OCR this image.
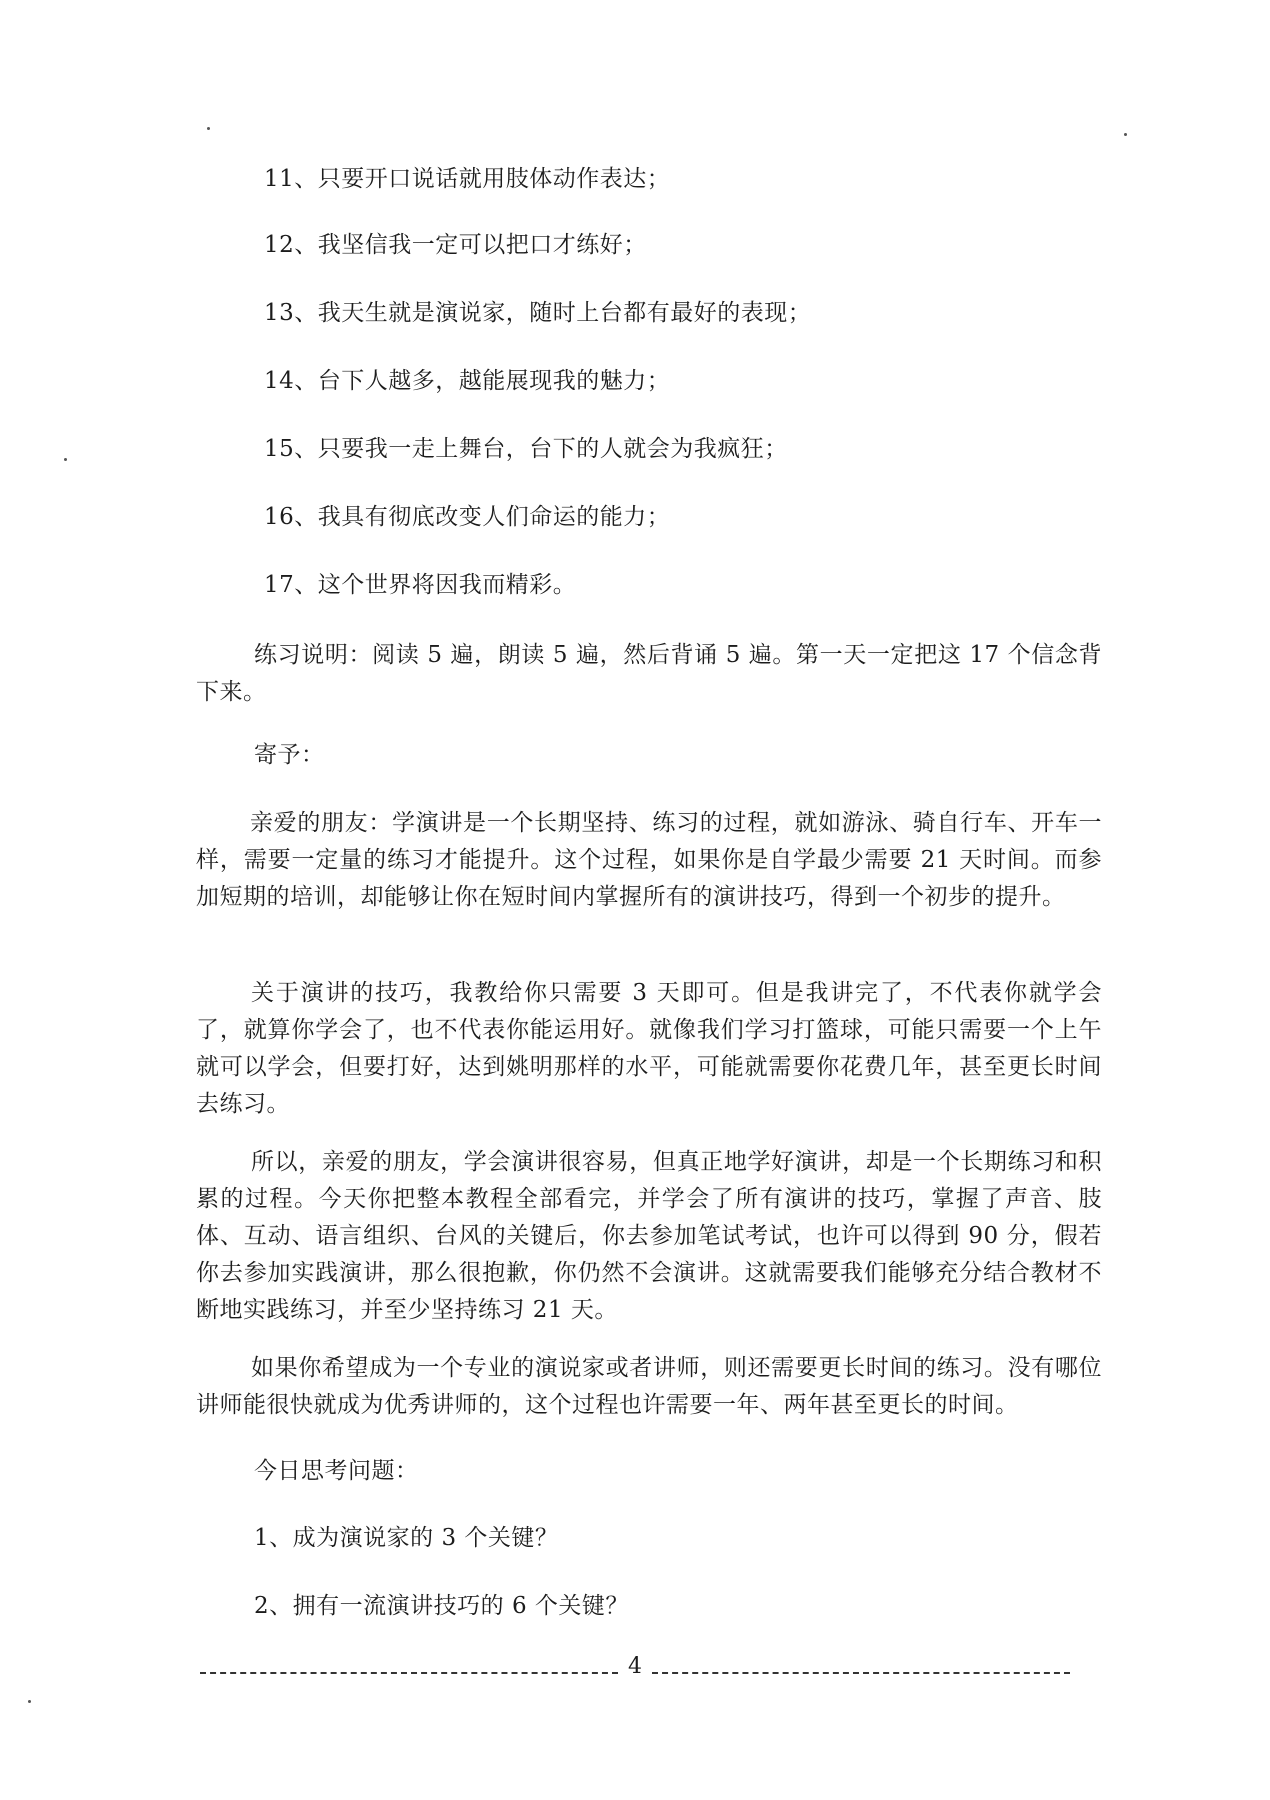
11、只要开口说话就用肢体动作表达；
12、我坚信我一定可以把口才练好；
13、我天生就是演说家，随时上台都有最好的表现；
14、台下人越多，越能展现我的魅力；
15、只要我一走上舞台，台下的人就会为我疯狂；
16、我具有彻底改变人们命运的能力；
17、这个世界将因我而精彩。
练习说明：阅读 5 遍，朗读 5 遍，然后背诵 5 遍。第一天一定把这 17 个信念背下来。
寄予：
亲爱的朋友：学演讲是一个长期坚持、练习的过程，就如游泳、骑自行车、开车一样，需要一定量的练习才能提升。这个过程，如果你是自学最少需要 21 天时间。而参加短期的培训，却能够让你在短时间内掌握所有的演讲技巧，得到一个初步的提升。
关于演讲的技巧，我教给你只需要 3 天即可。但是我讲完了，不代表你就学会了，就算你学会了，也不代表你能运用好。就像我们学习打篮球，可能只需要一个上午就可以学会，但要打好，达到姚明那样的水平，可能就需要你花费几年，甚至更长时间去练习。
所以，亲爱的朋友，学会演讲很容易，但真正地学好演讲，却是一个长期练习和积累的过程。今天你把整本教程全部看完，并学会了所有演讲的技巧，掌握了声音、肢体、互动、语言组织、台风的关键后，你去参加笔试考试，也许可以得到 90 分，假若你去参加实践演讲，那么很抱歉，你仍然不会演讲。这就需要我们能够充分结合教材不断地实践练习，并至少坚持练习 21 天。
如果你希望成为一个专业的演说家或者讲师，则还需要更长时间的练习。没有哪位讲师能很快就成为优秀讲师的，这个过程也许需要一年、两年甚至更长的时间。
今日思考问题：
1、成为演说家的 3 个关键？
2、拥有一流演讲技巧的 6 个关键？
4
